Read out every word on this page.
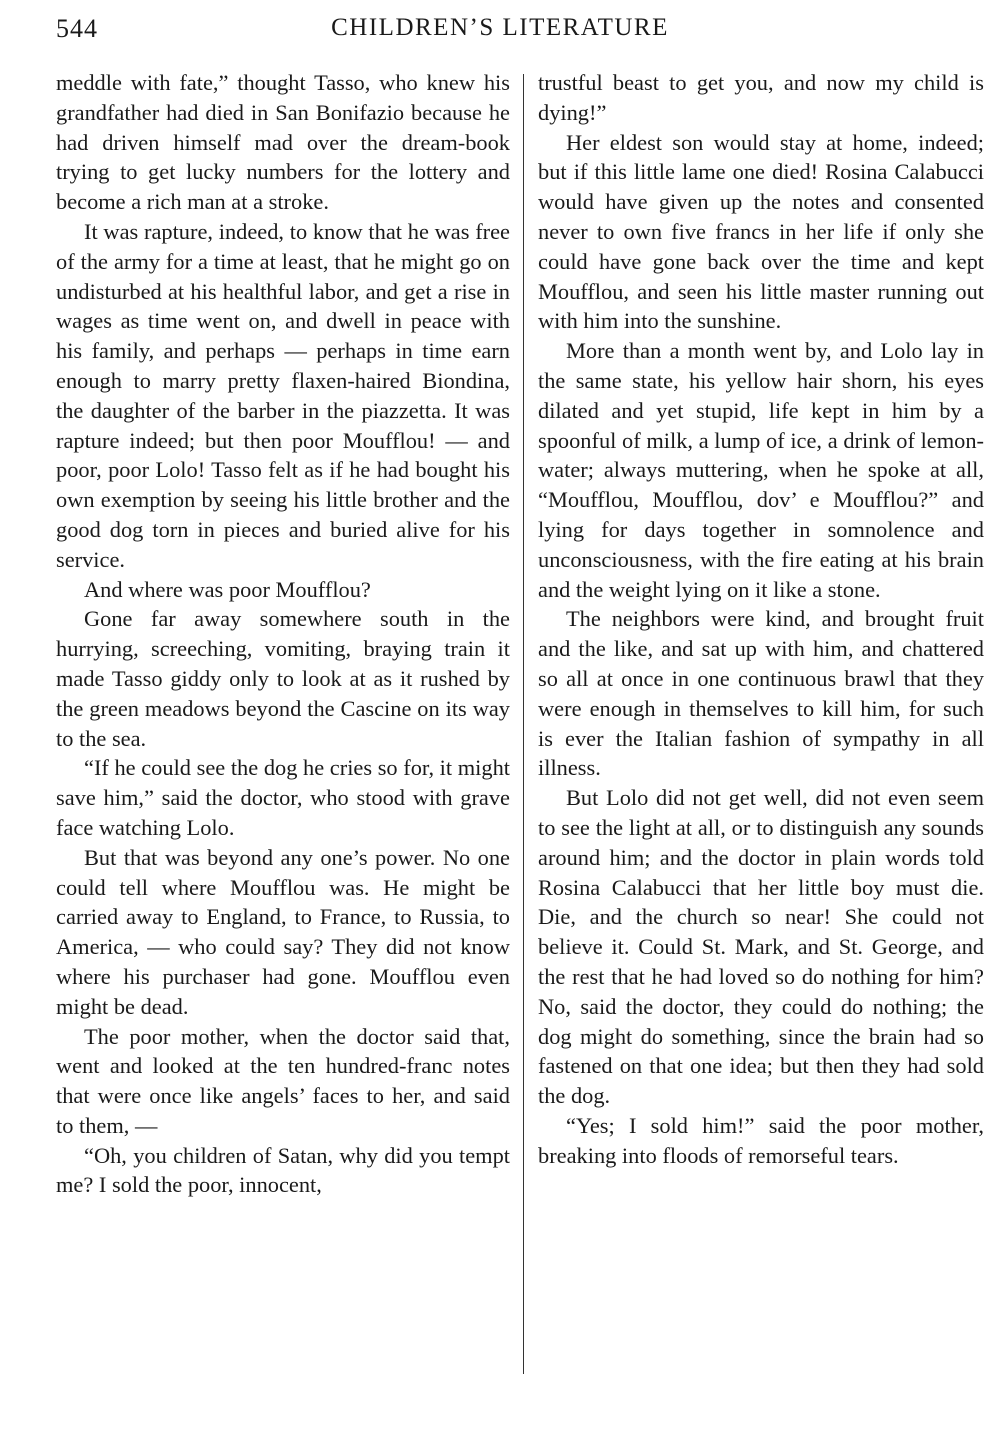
544	CHILDREN’S LITERATURE

meddle with fate,” thought Tasso, who knew his grandfather had died in San Bonifazio because he had driven himself mad over the dream-book trying to get lucky numbers for the lottery and become a rich man at a stroke.

It was rapture, indeed, to know that he was free of the army for a time at least, that he might go on undisturbed at his healthful labor, and get a rise in wages as time went on, and dwell in peace with his family, and perhaps — perhaps in time earn enough to marry pretty flaxen-haired Biondina, the daughter of the barber in the piazzetta. It was rapture indeed; but then poor Moufflou! — and poor, poor Lolo! Tasso felt as if he had bought his own exemption by seeing his little brother and the good dog torn in pieces and buried alive for his service.

And where was poor Moufflou?

Gone far away somewhere south in the hurrying, screeching, vomiting, braying train it made Tasso giddy only to look at as it rushed by the green meadows beyond the Cascine on its way to the sea.

“If he could see the dog he cries so for, it might save him,” said the doctor, who stood with grave face watching Lolo.

But that was beyond any one’s power. No one could tell where Moufflou was. He might be carried away to England, to France, to Russia, to America, — who could say? They did not know where his purchaser had gone. Moufflou even might be dead.

The poor mother, when the doctor said that, went and looked at the ten hundred-franc notes that were once like angels’ faces to her, and said to them, —

“Oh, you children of Satan, why did you tempt me? I sold the poor, innocent,

trustful beast to get you, and now my child is dying!”

Her eldest son would stay at home, indeed; but if this little lame one died! Rosina Calabucci would have given up the notes and consented never to own five francs in her life if only she could have gone back over the time and kept Moufflou, and seen his little master running out with him into the sunshine.

More than a month went by, and Lolo lay in the same state, his yellow hair shorn, his eyes dilated and yet stupid, life kept in him by a spoonful of milk, a lump of ice, a drink of lemon-water; always muttering, when he spoke at all, “Moufflou, Moufflou, dov’ e Moufflou?” and lying for days together in somnolence and unconsciousness, with the fire eating at his brain and the weight lying on it like a stone.

The neighbors were kind, and brought fruit and the like, and sat up with him, and chattered so all at once in one continuous brawl that they were enough in themselves to kill him, for such is ever the Italian fashion of sympathy in all illness.

But Lolo did not get well, did not even seem to see the light at all, or to distinguish any sounds around him; and the doctor in plain words told Rosina Calabucci that her little boy must die. Die, and the church so near! She could not believe it. Could St. Mark, and St. George, and the rest that he had loved so do nothing for him? No, said the doctor, they could do nothing; the dog might do something, since the brain had so fastened on that one idea; but then they had sold the dog.

“Yes; I sold him!” said the poor mother, breaking into floods of remorseful tears.
